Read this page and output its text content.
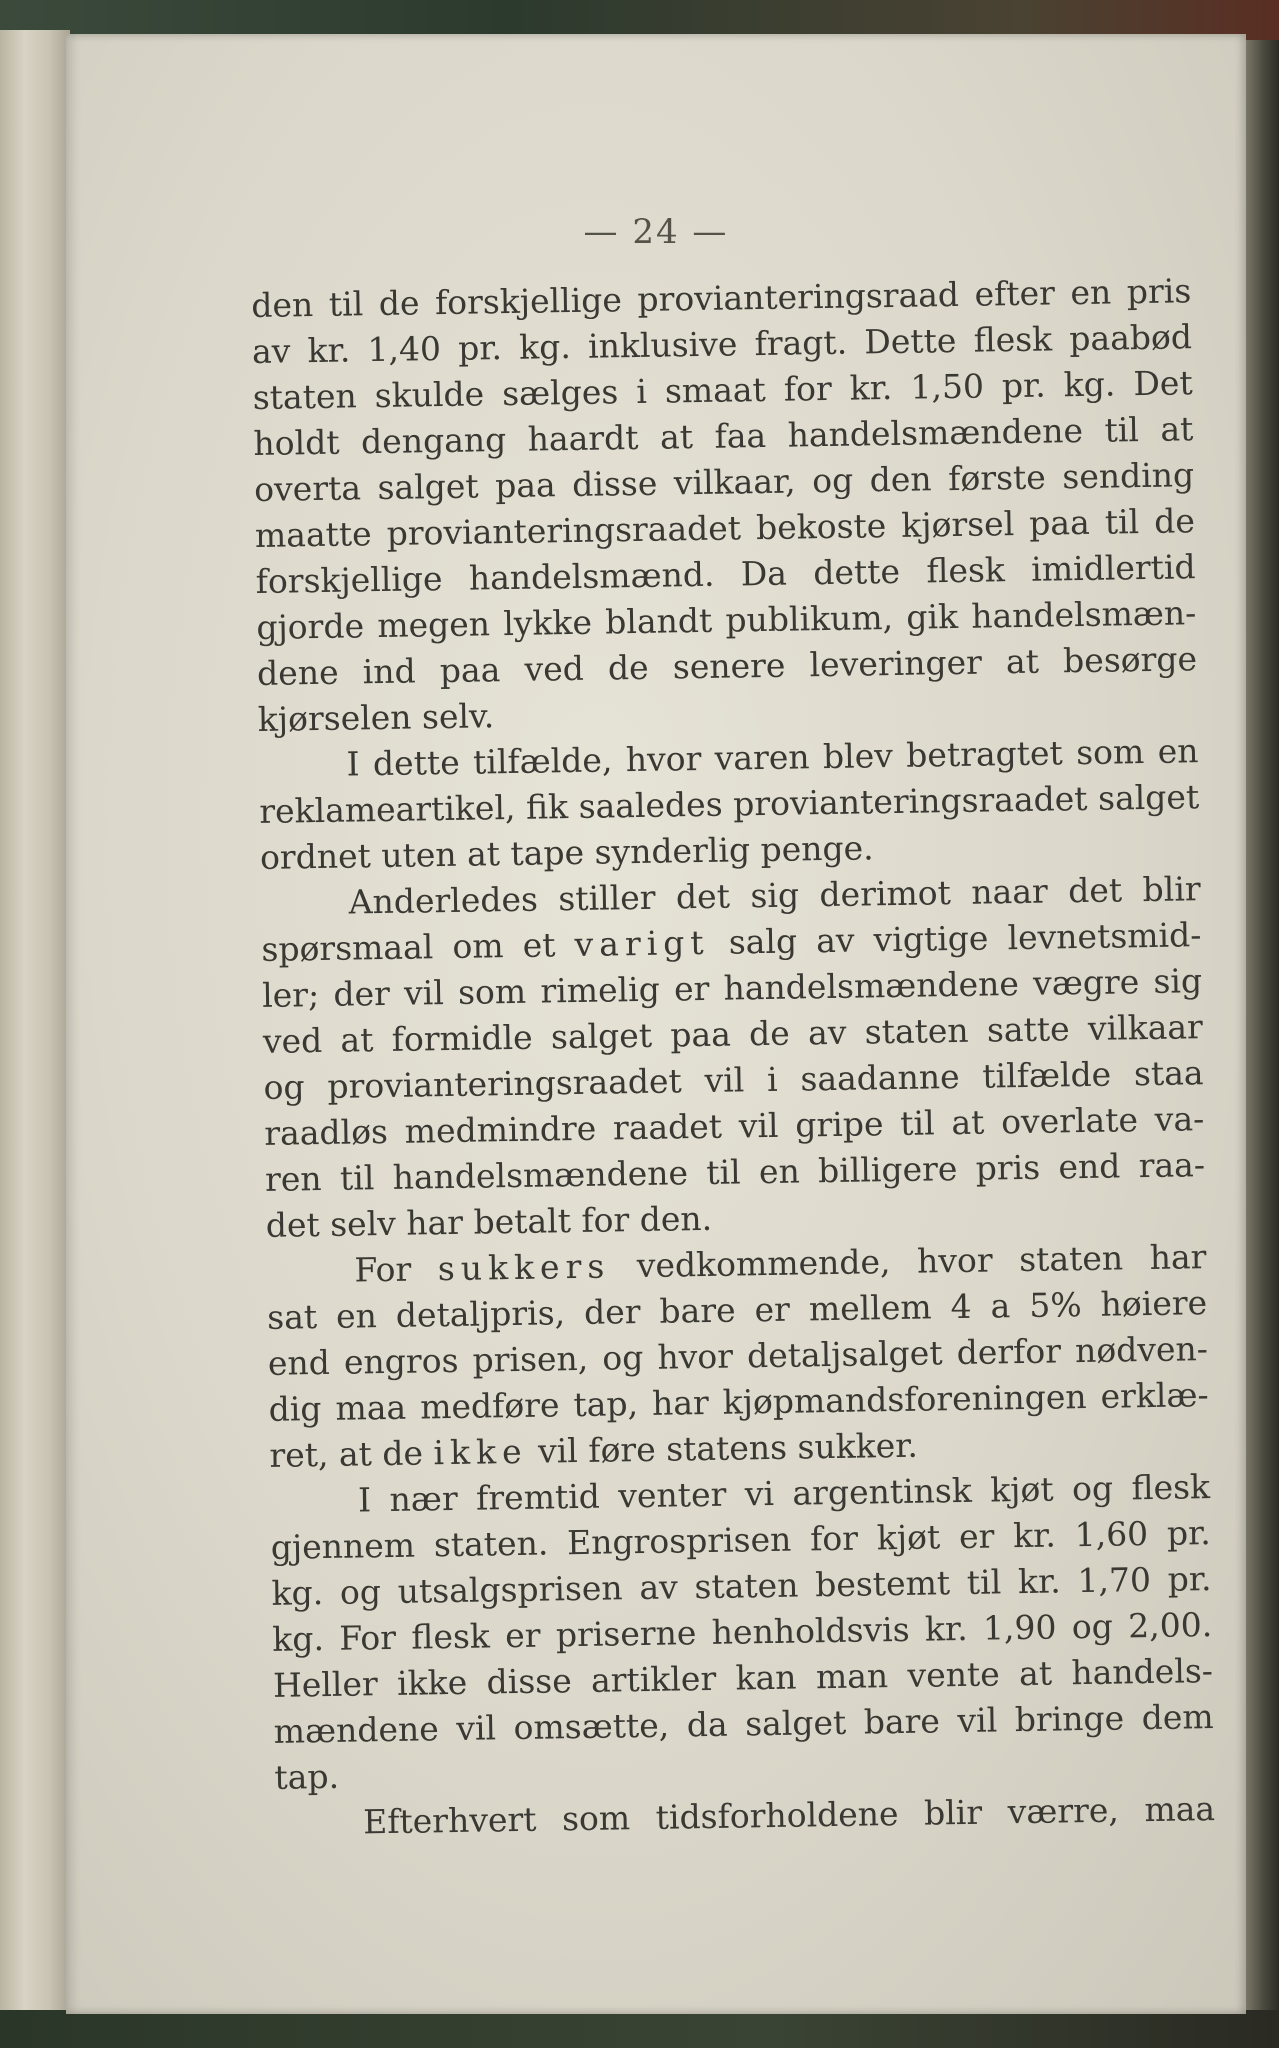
— 24 —
den til de forskjellige provianteringsraad efter en pris
av kr. 1,40 pr. kg. inklusive fragt. Dette flesk paabød
staten skulde sælges i smaat for kr. 1,50 pr. kg. Det
holdt dengang haardt at faa handelsmændene til at
overta salget paa disse vilkaar, og den første sending
maatte provianteringsraadet bekoste kjørsel paa til de
forskjellige handelsmænd. Da dette flesk imidlertid
gjorde megen lykke blandt publikum, gik handelsmæn-
dene ind paa ved de senere leveringer at besørge
kjørselen selv.
I dette tilfælde, hvor varen blev betragtet som en
reklameartikel, fik saaledes provianteringsraadet salget
ordnet uten at tape synderlig penge.
Anderledes stiller det sig derimot naar det blir
spørsmaal om et varigt salg av vigtige levnetsmid-
ler; der vil som rimelig er handelsmændene vægre sig
ved at formidle salget paa de av staten satte vilkaar
og provianteringsraadet vil i saadanne tilfælde staa
raadløs medmindre raadet vil gripe til at overlate va-
ren til handelsmændene til en billigere pris end raa-
det selv har betalt for den.
For sukkers vedkommende, hvor staten har
sat en detaljpris, der bare er mellem 4 a 5% høiere
end engros prisen, og hvor detaljsalget derfor nødven-
dig maa medføre tap, har kjøpmandsforeningen erklæ-
ret, at de ikke vil føre statens sukker.
I nær fremtid venter vi argentinsk kjøt og flesk
gjennem staten. Engrosprisen for kjøt er kr. 1,60 pr.
kg. og utsalgsprisen av staten bestemt til kr. 1,70 pr.
kg. For flesk er priserne henholdsvis kr. 1,90 og 2,00.
Heller ikke disse artikler kan man vente at handels-
mændene vil omsætte, da salget bare vil bringe dem
tap.
Efterhvert som tidsforholdene blir værre, maa
